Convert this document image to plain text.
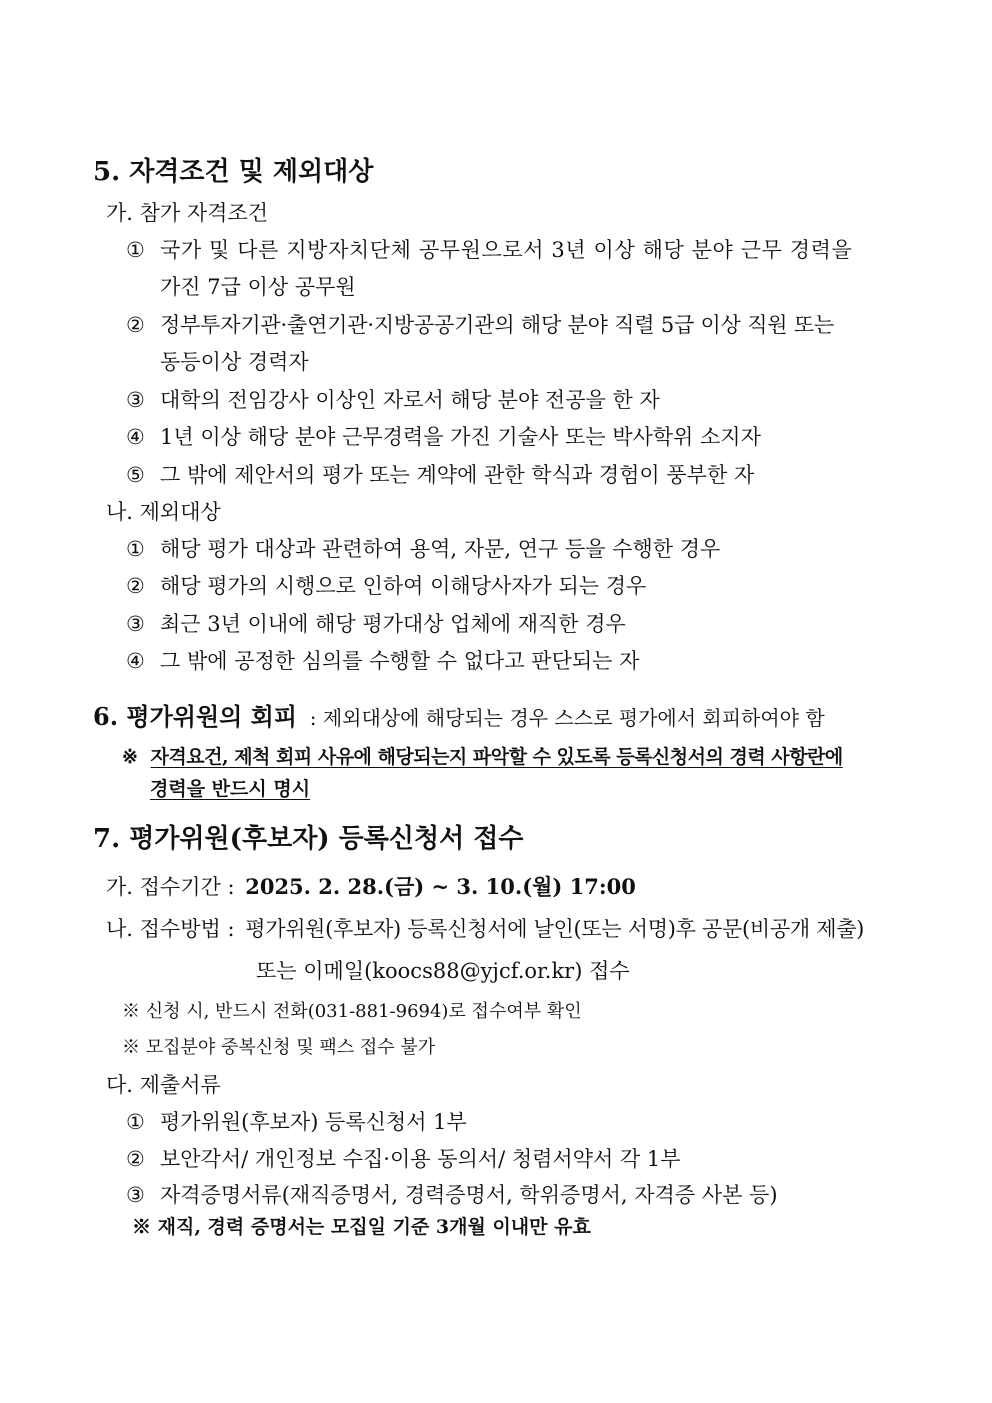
5. 자격조건 및 제외대상
가. 참가 자격조건
① 국가 및 다른 지방자치단체 공무원으로서 3년 이상 해당 분야 근무 경력을
가진 7급 이상 공무원
② 정부투자기관·출연기관·지방공공기관의 해당 분야 직렬 5급 이상 직원 또는
동등이상 경력자
③ 대학의 전임강사 이상인 자로서 해당 분야 전공을 한 자
④ 1년 이상 해당 분야 근무경력을 가진 기술사 또는 박사학위 소지자
⑤ 그 밖에 제안서의 평가 또는 계약에 관한 학식과 경험이 풍부한 자
나. 제외대상
① 해당 평가 대상과 관련하여 용역, 자문, 연구 등을 수행한 경우
② 해당 평가의 시행으로 인하여 이해당사자가 되는 경우
③ 최근 3년 이내에 해당 평가대상 업체에 재직한 경우
④ 그 밖에 공정한 심의를 수행할 수 없다고 판단되는 자
6. 평가위원의 회피 : 제외대상에 해당되는 경우 스스로 평가에서 회피하여야 함
※ 자격요건, 제척 회피 사유에 해당되는지 파악할 수 있도록 등록신청서의 경력 사항란에
경력을 반드시 명시
7. 평가위원(후보자) 등록신청서 접수
가. 접수기간 : 2025. 2. 28.(금) ~ 3. 10.(월) 17:00
나. 접수방법 : 평가위원(후보자) 등록신청서에 날인(또는 서명)후 공문(비공개 제출)
또는 이메일(koocs88@yjcf.or.kr) 접수
※ 신청 시, 반드시 전화(031-881-9694)로 접수여부 확인
※ 모집분야 중복신청 및 팩스 접수 불가
다. 제출서류
① 평가위원(후보자) 등록신청서 1부
② 보안각서/ 개인정보 수집·이용 동의서/ 청렴서약서 각 1부
③ 자격증명서류(재직증명서, 경력증명서, 학위증명서, 자격증 사본 등)
※ 재직, 경력 증명서는 모집일 기준 3개월 이내만 유효
